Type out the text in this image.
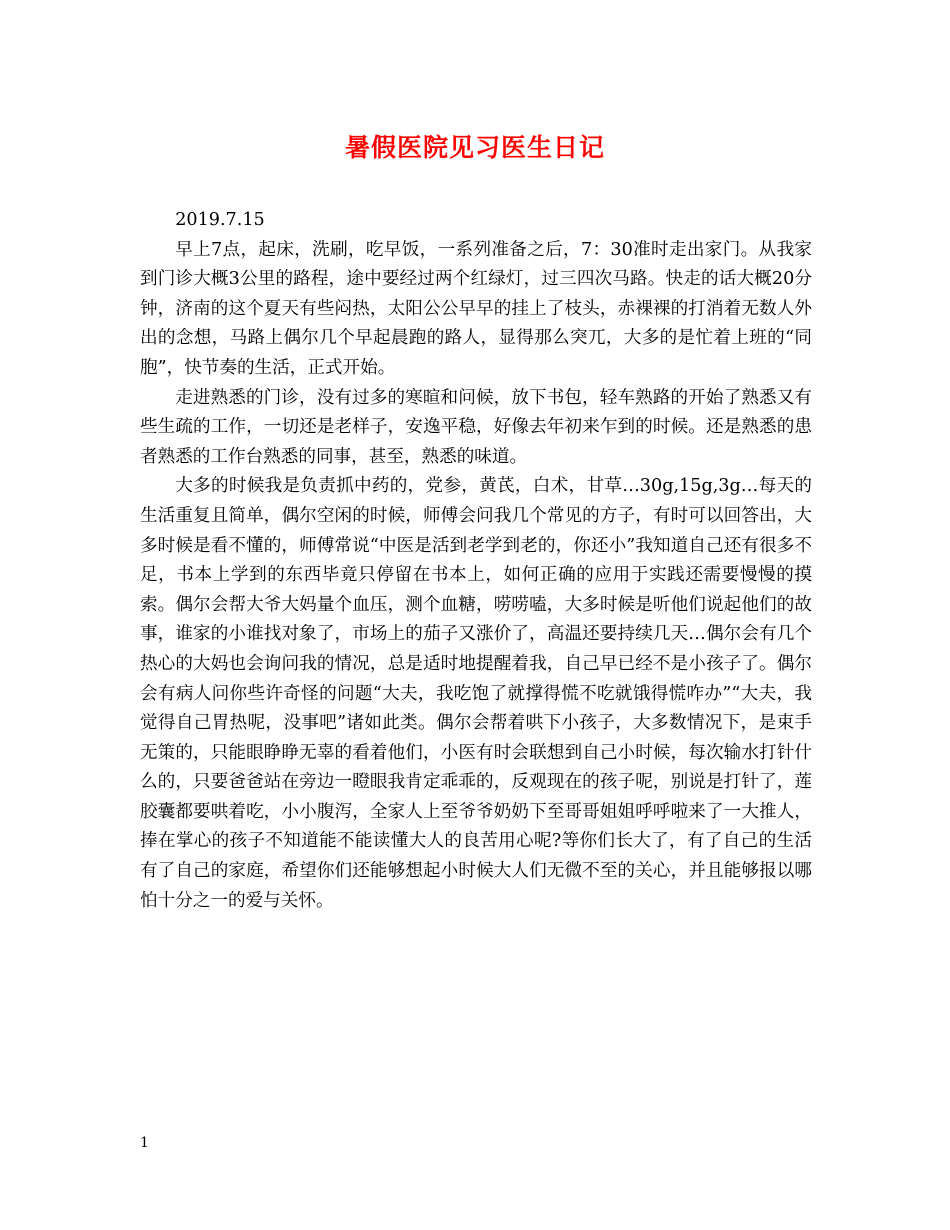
暑假医院见习医生日记

2019.7.15

早上7点，起床，洗刷，吃早饭，一系列准备之后，7：30准时走出家门。从我家到门诊大概3公里的路程，途中要经过两个红绿灯，过三四次马路。快走的话大概20分钟，济南的这个夏天有些闷热，太阳公公早早的挂上了枝头，赤裸裸的打消着无数人外出的念想，马路上偶尔几个早起晨跑的路人，显得那么突兀，大多的是忙着上班的“同胞”，快节奏的生活，正式开始。

走进熟悉的门诊，没有过多的寒暄和问候，放下书包，轻车熟路的开始了熟悉又有些生疏的工作，一切还是老样子，安逸平稳，好像去年初来乍到的时候。还是熟悉的患者熟悉的工作台熟悉的同事，甚至，熟悉的味道。

大多的时候我是负责抓中药的，党参，黄芪，白术，甘草…30g,15g,3g…每天的生活重复且简单，偶尔空闲的时候，师傅会问我几个常见的方子，有时可以回答出，大多时候是看不懂的，师傅常说“中医是活到老学到老的，你还小”我知道自己还有很多不足，书本上学到的东西毕竟只停留在书本上，如何正确的应用于实践还需要慢慢的摸索。偶尔会帮大爷大妈量个血压，测个血糖，唠唠嗑，大多时候是听他们说起他们的故事，谁家的小谁找对象了，市场上的茄子又涨价了，高温还要持续几天…偶尔会有几个热心的大妈也会询问我的情况，总是适时地提醒着我，自己早已经不是小孩子了。偶尔会有病人问你些许奇怪的问题“大夫，我吃饱了就撑得慌不吃就饿得慌咋办”“大夫，我觉得自己胃热呢，没事吧”诸如此类。偶尔会帮着哄下小孩子，大多数情况下，是束手无策的，只能眼睁睁无辜的看着他们，小医有时会联想到自己小时候，每次输水打针什么的，只要爸爸站在旁边一瞪眼我肯定乖乖的，反观现在的孩子呢，别说是打针了，莲胶囊都要哄着吃，小小腹泻，全家人上至爷爷奶奶下至哥哥姐姐呼呼啦来了一大推人，捧在掌心的孩子不知道能不能读懂大人的良苦用心呢?等你们长大了，有了自己的生活有了自己的家庭，希望你们还能够想起小时候大人们无微不至的关心，并且能够报以哪怕十分之一的爱与关怀。

1
